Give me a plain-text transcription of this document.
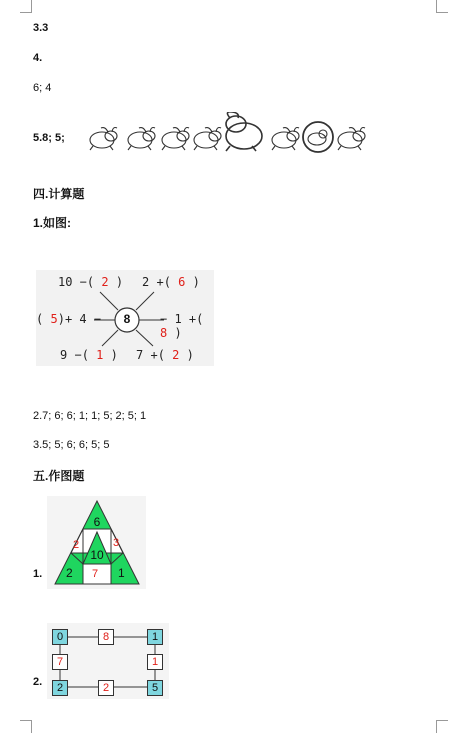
3.3
4.
6; 4
5.8; 5;
四.计算题
1.如图:
8
10 −( 2 ) 2 +( 6 )
( 5)+ 4 −	− 1 +( 8 )
9 −( 1 ) 7 +( 2 )
2.7; 6; 6; 1; 1; 5; 2; 5; 1
3.5; 5; 6; 6; 5; 5
五.作图题
1.
6
10
2	3
2 7 1
2.
0	8	1
7	1
2	2	5
